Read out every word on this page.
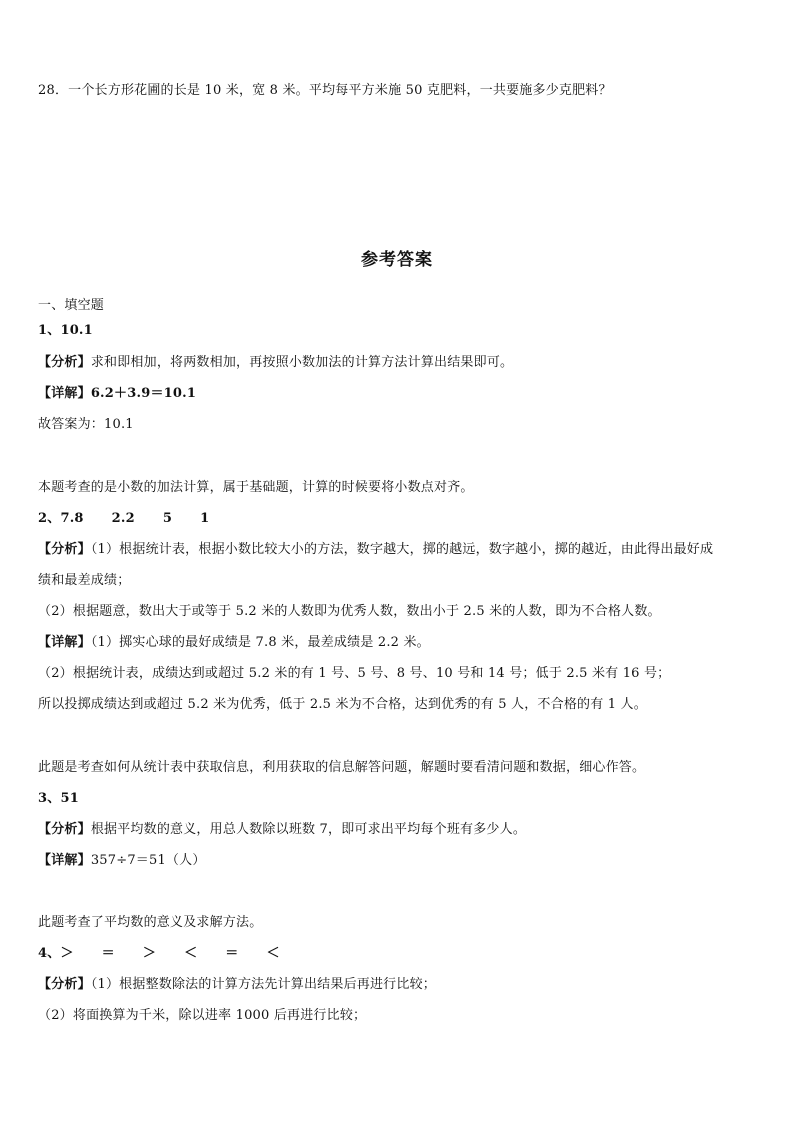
28．一个长方形花圃的长是 10 米，宽 8 米。平均每平方米施 50 克肥料，一共要施多少克肥料？
参考答案
一、填空题
1、10.1
【分析】求和即相加，将两数相加，再按照小数加法的计算方法计算出结果即可。
【详解】6.2＋3.9＝10.1
故答案为：10.1
本题考查的是小数的加法计算，属于基础题，计算的时候要将小数点对齐。
2、7.8 2.2 5 1
【分析】（1）根据统计表，根据小数比较大小的方法，数字越大，掷的越远，数字越小，掷的越近，由此得出最好成
绩和最差成绩；
（2）根据题意，数出大于或等于 5.2 米的人数即为优秀人数，数出小于 2.5 米的人数，即为不合格人数。
【详解】（1）掷实心球的最好成绩是 7.8 米，最差成绩是 2.2 米。
（2）根据统计表，成绩达到或超过 5.2 米的有 1 号、5 号、8 号、10 号和 14 号；低于 2.5 米有 16 号；
所以投掷成绩达到或超过 5.2 米为优秀，低于 2.5 米为不合格，达到优秀的有 5 人，不合格的有 1 人。
此题是考查如何从统计表中获取信息，利用获取的信息解答问题，解题时要看清问题和数据，细心作答。
3、51
【分析】根据平均数的意义，用总人数除以班数 7，即可求出平均每个班有多少人。
【详解】357÷7＝51（人）
此题考查了平均数的意义及求解方法。
4、＞ ＝ ＞ ＜ ＝ ＜
【分析】（1）根据整数除法的计算方法先计算出结果后再进行比较；
（2）将面换算为千米，除以进率 1000 后再进行比较；
